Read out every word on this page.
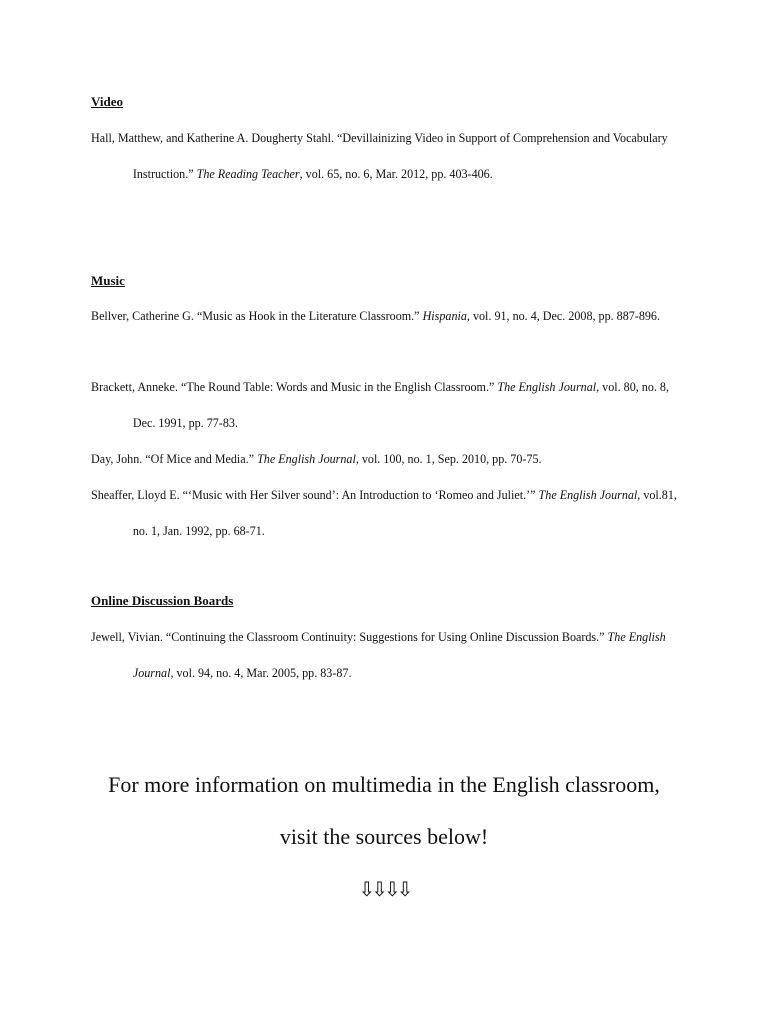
Video

Hall, Matthew, and Katherine A. Dougherty Stahl. “Devillainizing Video in Support of Comprehension and Vocabulary Instruction.” The Reading Teacher, vol. 65, no. 6, Mar. 2012, pp. 403-406.

Music

Bellver, Catherine G. “Music as Hook in the Literature Classroom.” Hispania, vol. 91, no. 4, Dec. 2008, pp. 887-896.

Brackett, Anneke. “The Round Table: Words and Music in the English Classroom.” The English Journal, vol. 80, no. 8, Dec. 1991, pp. 77-83.

Day, John. “Of Mice and Media.” The English Journal, vol. 100, no. 1, Sep. 2010, pp. 70-75.

Sheaffer, Lloyd E. “‘Music with Her Silver sound’: An Introduction to ‘Romeo and Juliet.’” The English Journal, vol.81, no. 1, Jan. 1992, pp. 68-71.

Online Discussion Boards

Jewell, Vivian. “Continuing the Classroom Continuity: Suggestions for Using Online Discussion Boards.” The English Journal, vol. 94, no. 4, Mar. 2005, pp. 83-87.

For more information on multimedia in the English classroom,

visit the sources below!

⇩⇩⇩⇩
